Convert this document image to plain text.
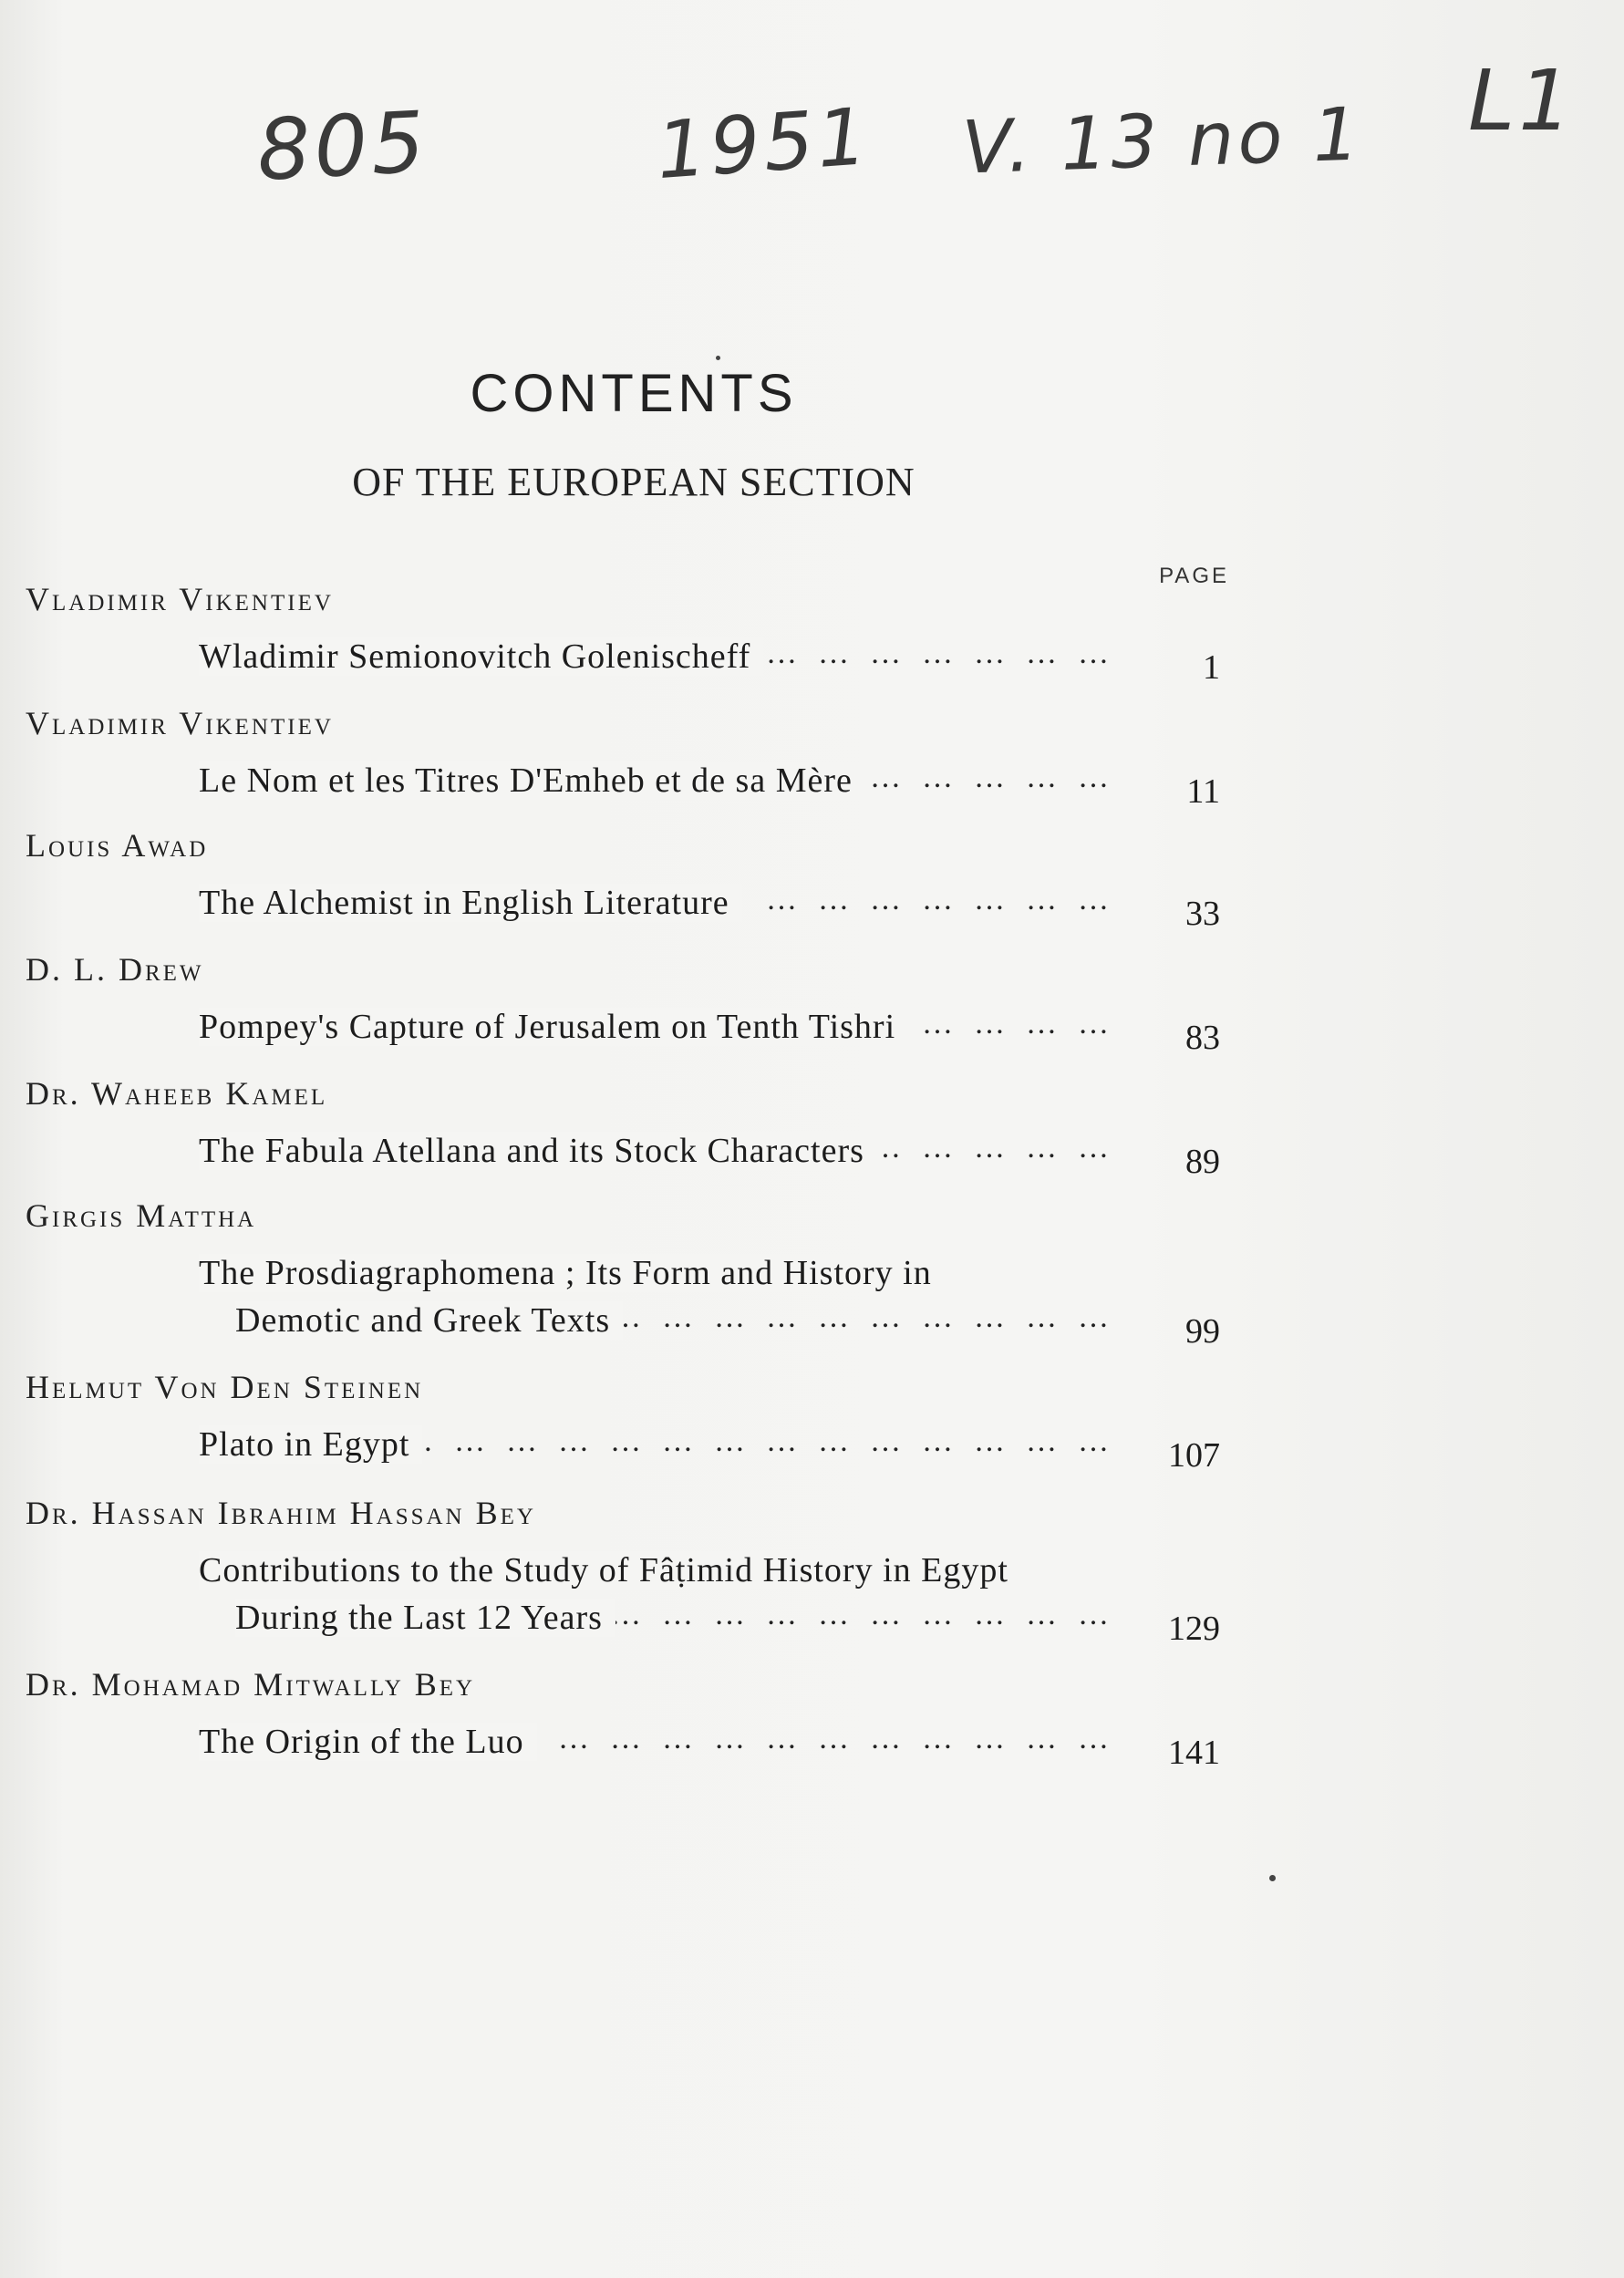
805	1951 V. 13 no 1 L1
CONTENTS
OF THE EUROPEAN SECTION
PAGE
Vladimir Vikentiev
Wladimir Semionovitch Golenischeff …  …  …  …  …  …  …  …  …  …  …  …  …  …  …  …  …  …  …  …	1
Vladimir Vikentiev
Le Nom et les Titres D'Emheb et de sa Mère …  …  …  …  …  …  …  …  …  …  …  …  …  …  …  …  …  …  …  …	11
Louis Awad
The Alchemist in English Literature …  …  …  …  …  …  …  …  …  …  …  …  …  …  …  …  …  …  …  …	33
D. L. Drew
Pompey's Capture of Jerusalem on Tenth Tishri …  …  …  …  …  …  …  …  …  …  …  …  …  …  …  …  …  …  …  …	83
Dr. Waheeb Kamel
The Fabula Atellana and its Stock Characters …  …  …  …  …  …  …  …  …  …  …  …  …  …  …  …  …  …  …  …	89
Girgis Mattha
The Prosdiagraphomena ; Its Form and History in
Demotic and Greek Texts …  …  …  …  …  …  …  …  …  …  …  …  …  …  …  …  …  …  …  …	99
Helmut Von Den Steinen
Plato in Egypt …  …  …  …  …  …  …  …  …  …  …  …  …  …  …  …  …  …  …  …	107
Dr. Hassan Ibrahim Hassan Bey
Contributions to the Study of Fâṭimid History in Egypt
During the Last 12 Years …  …  …  …  …  …  …  …  …  …  …  …  …  …  …  …  …  …  …  …	129
Dr. Mohamad Mitwally Bey
The Origin of the Luo …  …  …  …  …  …  …  …  …  …  …  …  …  …  …  …  …  …  …  …	141
